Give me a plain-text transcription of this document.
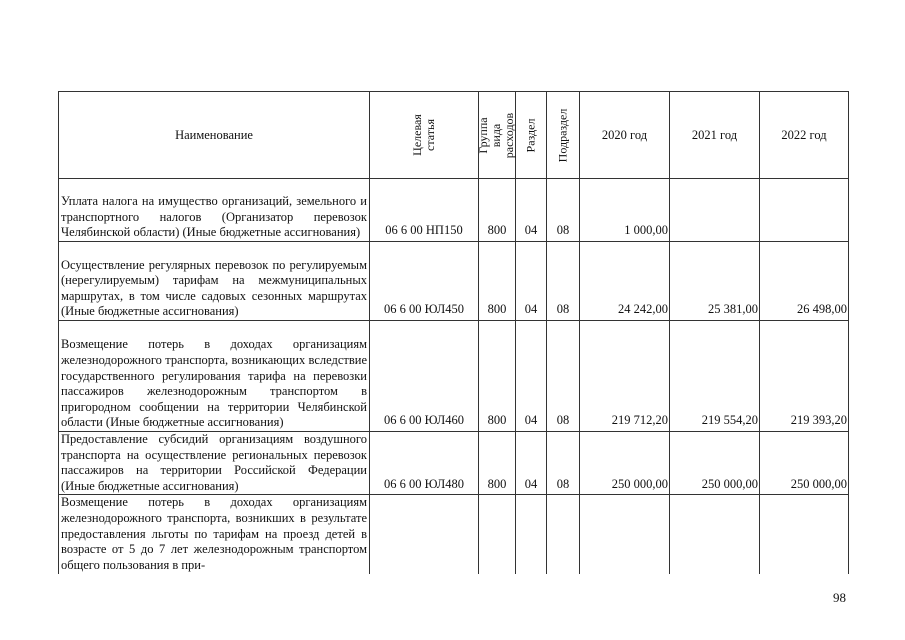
Наименование	Целевая статья	Группа вида расходов	Раздел	Подраздел	2020 год	2021 год	2022 год
Уплата налога на имущество организаций, земельного и транспортного налогов (Организатор перевозок Челябинской области) (Иные бюджетные ассигнования)	06 6 00 НП150	800	04	08	1 000,00		
Осуществление регулярных перевозок по регулируемым (нерегулируемым) тарифам на межмуниципальных маршрутах, в том числе садовых сезонных маршрутах (Иные бюджетные ассигнования)	06 6 00 ЮЛ450	800	04	08	24 242,00	25 381,00	26 498,00
Возмещение потерь в доходах организациям железнодорожного транспорта, возникающих вследствие государственного регулирования тарифа на перевозки пассажиров железнодорожным транспортом в пригородном сообщении на территории Челябинской области (Иные бюджетные ассигнования)	06 6 00 ЮЛ460	800	04	08	219 712,20	219 554,20	219 393,20
Предоставление субсидий организациям воздушного транспорта на осуществление региональных перевозок пассажиров на территории Российской Федерации (Иные бюджетные ассигнования)	06 6 00 ЮЛ480	800	04	08	250 000,00	250 000,00	250 000,00
Возмещение потерь в доходах организациям железнодорожного транспорта, возникших в результате предоставления льготы по тарифам на проезд детей в возрасте от 5 до 7 лет железнодорожным транспортом общего пользования в при-							
98
